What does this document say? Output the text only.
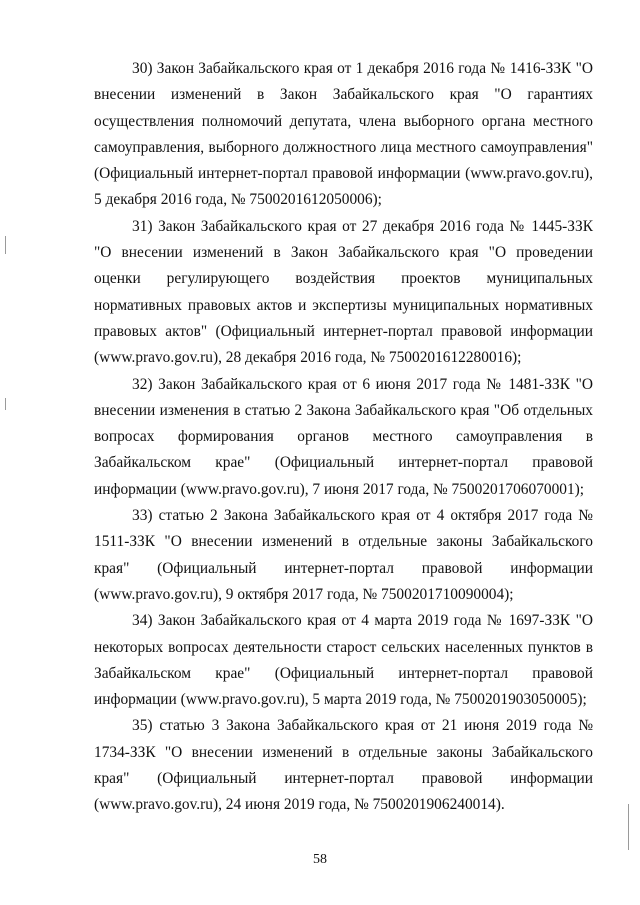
30) Закон Забайкальского края от 1 декабря 2016 года № 1416-ЗЗК "О внесении изменений в Закон Забайкальского края "О гарантиях осуществления полномочий депутата, члена выборного органа местного самоуправления, выборного должностного лица местного самоуправления" (Официальный интернет-портал правовой информации (www.pravo.gov.ru), 5 декабря 2016 года, № 7500201612050006);

31) Закон Забайкальского края от 27 декабря 2016 года № 1445-ЗЗК "О внесении изменений в Закон Забайкальского края "О проведении оценки регулирующего воздействия проектов муниципальных нормативных правовых актов и экспертизы муниципальных нормативных правовых актов" (Официальный интернет-портал правовой информации (www.pravo.gov.ru), 28 декабря 2016 года, № 7500201612280016);

32) Закон Забайкальского края от 6 июня 2017 года № 1481-ЗЗК "О внесении изменения в статью 2 Закона Забайкальского края "Об отдельных вопросах формирования органов местного самоуправления в Забайкальском крае" (Официальный интернет-портал правовой информации (www.pravo.gov.ru), 7 июня 2017 года, № 7500201706070001);

33) статью 2 Закона Забайкальского края от 4 октября 2017 года № 1511-ЗЗК "О внесении изменений в отдельные законы Забайкальского края" (Официальный интернет-портал правовой информации (www.pravo.gov.ru), 9 октября 2017 года, № 7500201710090004);

34) Закон Забайкальского края от 4 марта 2019 года № 1697-ЗЗК "О некоторых вопросах деятельности старост сельских населенных пунктов в Забайкальском крае" (Официальный интернет-портал правовой информации (www.pravo.gov.ru), 5 марта 2019 года, № 7500201903050005);

35) статью 3 Закона Забайкальского края от 21 июня 2019 года № 1734-ЗЗК "О внесении изменений в отдельные законы Забайкальского края" (Официальный интернет-портал правовой информации (www.pravo.gov.ru), 24 июня 2019 года, № 7500201906240014).

58
